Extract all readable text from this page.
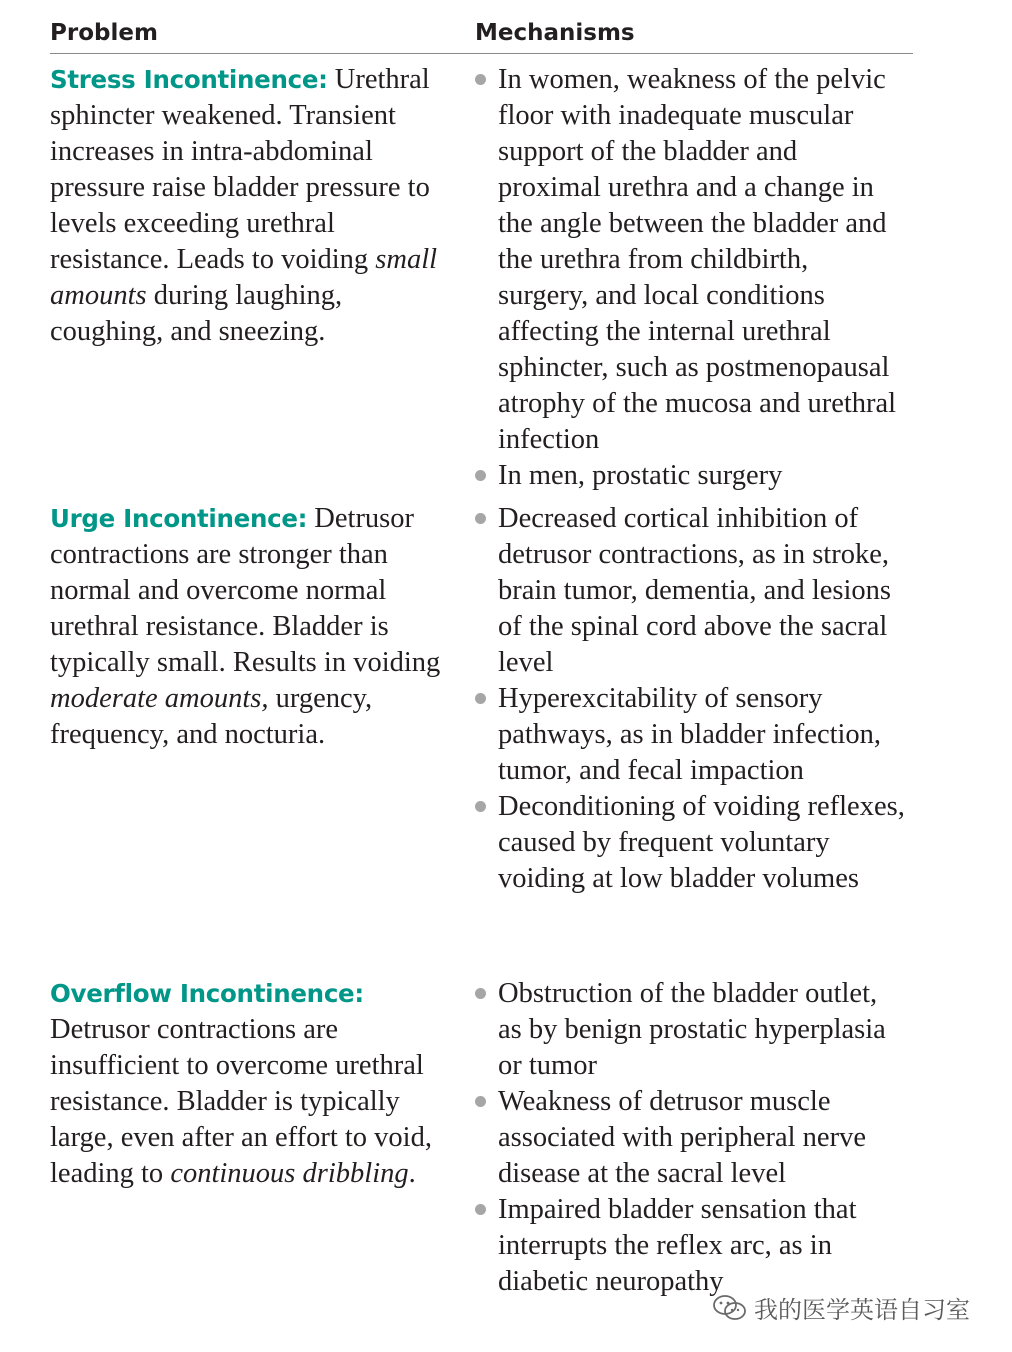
Problem	Mechanisms
Stress Incontinence: Urethral sphincter weakened. Transient increases in intra-abdominal pressure raise bladder pressure to levels exceeding urethral resistance. Leads to voiding small amounts during laughing, coughing, and sneezing.
In women, weakness of the pelvic floor with inadequate muscular support of the bladder and proximal urethra and a change in the angle between the bladder and the urethra from childbirth, surgery, and local conditions affecting the internal urethral sphincter, such as postmenopausal atrophy of the mucosa and urethral infection
In men, prostatic surgery
Urge Incontinence: Detrusor contractions are stronger than normal and overcome normal urethral resistance. Bladder is typically small. Results in voiding moderate amounts, urgency, frequency, and nocturia.
Decreased cortical inhibition of detrusor contractions, as in stroke, brain tumor, dementia, and lesions of the spinal cord above the sacral level
Hyperexcitability of sensory pathways, as in bladder infection, tumor, and fecal impaction
Deconditioning of voiding reflexes, caused by frequent voluntary voiding at low bladder volumes
Overflow Incontinence:
Detrusor contractions are insufficient to overcome urethral resistance. Bladder is typically large, even after an effort to void, leading to continuous dribbling.
Obstruction of the bladder outlet, as by benign prostatic hyperplasia or tumor
Weakness of detrusor muscle associated with peripheral nerve disease at the sacral level
Impaired bladder sensation that interrupts the reflex arc, as in diabetic neuropathy
我的医学英语自习室
